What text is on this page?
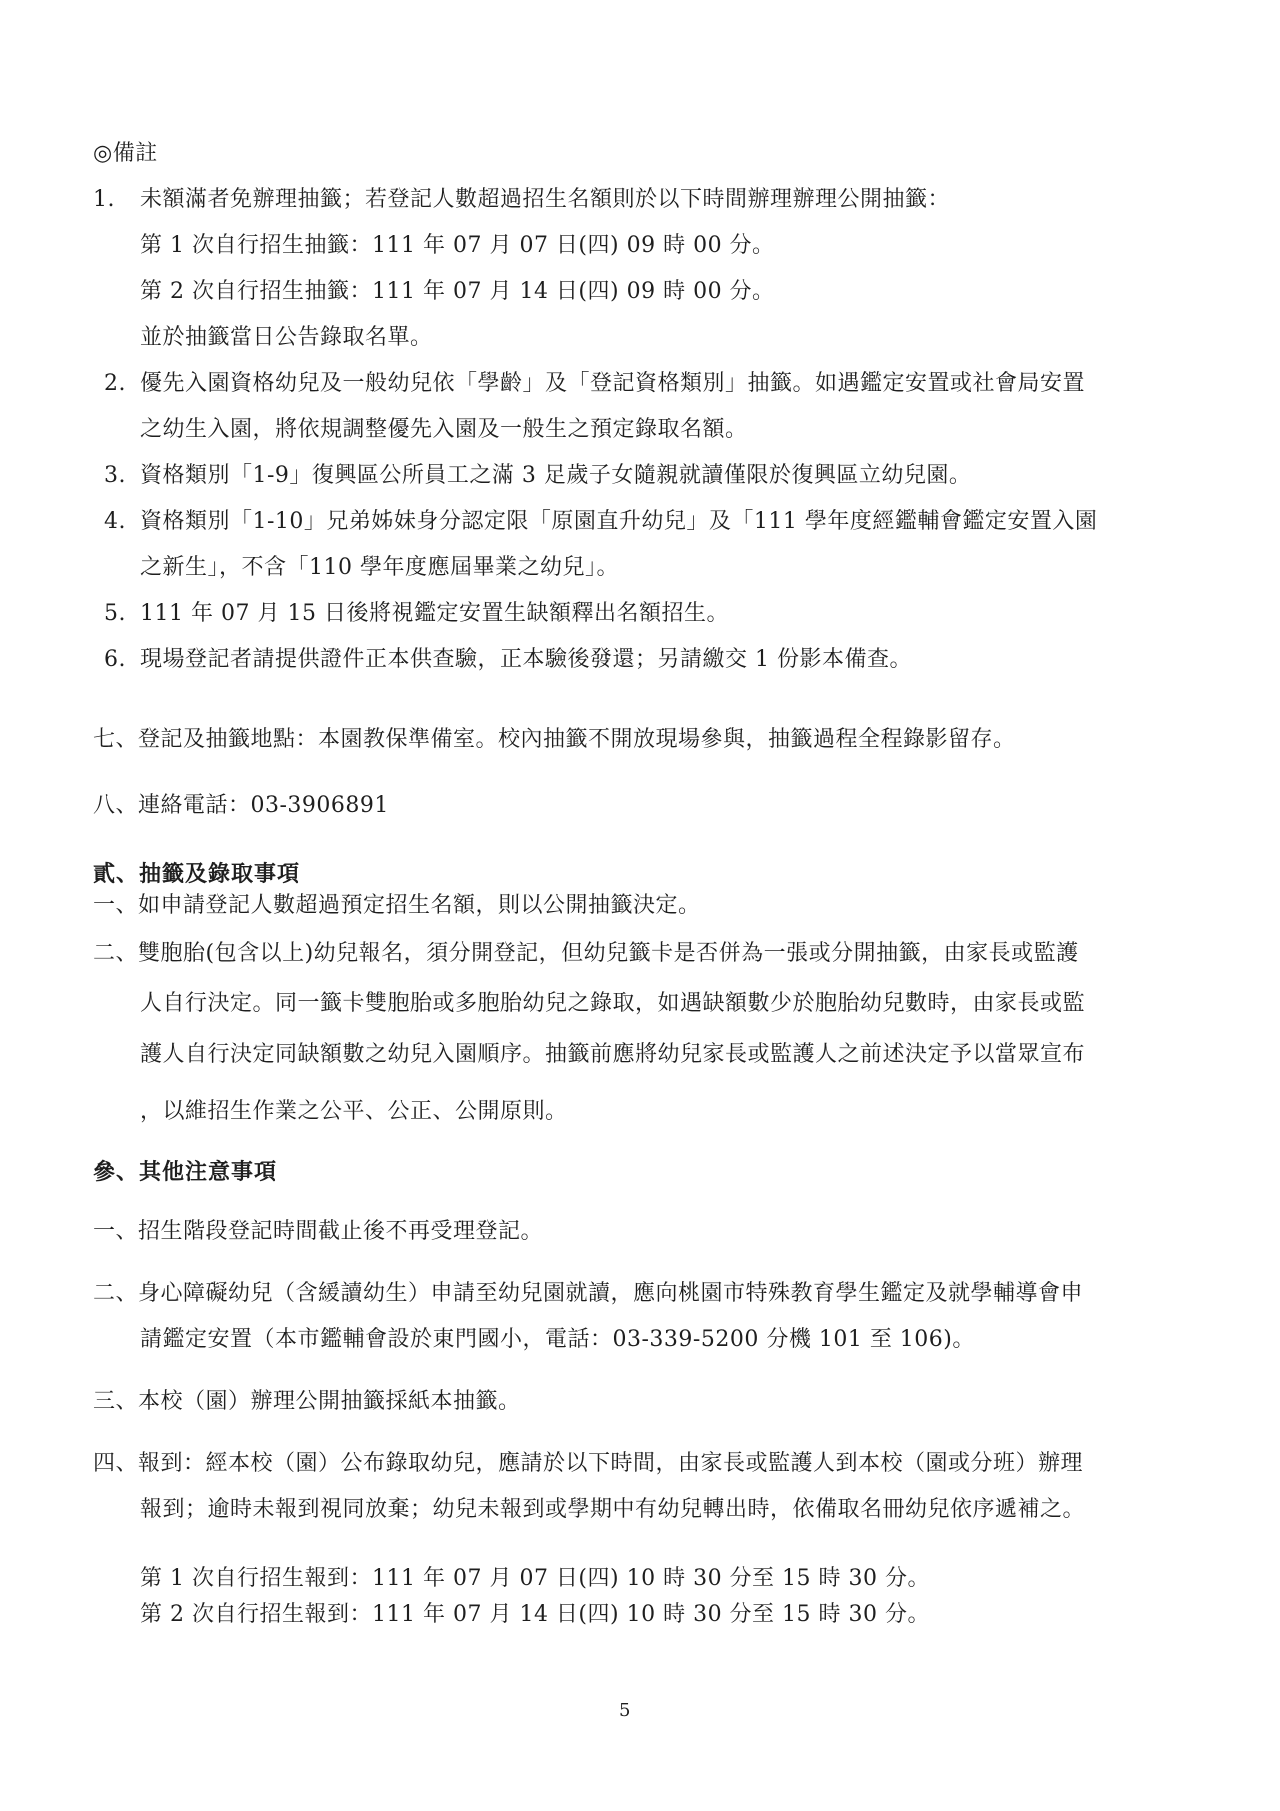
◎備註
1. 未額滿者免辦理抽籤；若登記人數超過招生名額則於以下時間辦理辦理公開抽籤：
第 1 次自行招生抽籤：111 年 07 月 07 日(四) 09 時 00 分。
第 2 次自行招生抽籤：111 年 07 月 14 日(四) 09 時 00 分。
並於抽籤當日公告錄取名單。
2. 優先入園資格幼兒及一般幼兒依「學齡」及「登記資格類別」抽籤。如遇鑑定安置或社會局安置
之幼生入園，將依規調整優先入園及一般生之預定錄取名額。
3. 資格類別「1-9」復興區公所員工之滿 3 足歲子女隨親就讀僅限於復興區立幼兒園。
4. 資格類別「1-10」兄弟姊妹身分認定限「原園直升幼兒」及「111 學年度經鑑輔會鑑定安置入園
之新生」，不含「110 學年度應屆畢業之幼兒」。
5. 111 年 07 月 15 日後將視鑑定安置生缺額釋出名額招生。
6. 現場登記者請提供證件正本供查驗，正本驗後發還；另請繳交 1 份影本備查。
七、登記及抽籤地點：本園教保準備室。校內抽籤不開放現場參與，抽籤過程全程錄影留存。
八、連絡電話：03-3906891
貳、抽籤及錄取事項
一、如申請登記人數超過預定招生名額，則以公開抽籤決定。
二、雙胞胎(包含以上)幼兒報名，須分開登記，但幼兒籤卡是否併為一張或分開抽籤，由家長或監護
人自行決定。同一籤卡雙胞胎或多胞胎幼兒之錄取，如遇缺額數少於胞胎幼兒數時，由家長或監
護人自行決定同缺額數之幼兒入園順序。抽籤前應將幼兒家長或監護人之前述決定予以當眾宣布
，以維招生作業之公平、公正、公開原則。
參、其他注意事項
一、招生階段登記時間截止後不再受理登記。
二、身心障礙幼兒（含緩讀幼生）申請至幼兒園就讀，應向桃園市特殊教育學生鑑定及就學輔導會申
請鑑定安置（本市鑑輔會設於東門國小，電話：03-339-5200 分機 101 至 106)。
三、本校（園）辦理公開抽籤採紙本抽籤。
四、報到：經本校（園）公布錄取幼兒，應請於以下時間，由家長或監護人到本校（園或分班）辦理
報到；逾時未報到視同放棄；幼兒未報到或學期中有幼兒轉出時，依備取名冊幼兒依序遞補之。
第 1 次自行招生報到：111 年 07 月 07 日(四) 10 時 30 分至 15 時 30 分。
第 2 次自行招生報到：111 年 07 月 14 日(四) 10 時 30 分至 15 時 30 分。
5
